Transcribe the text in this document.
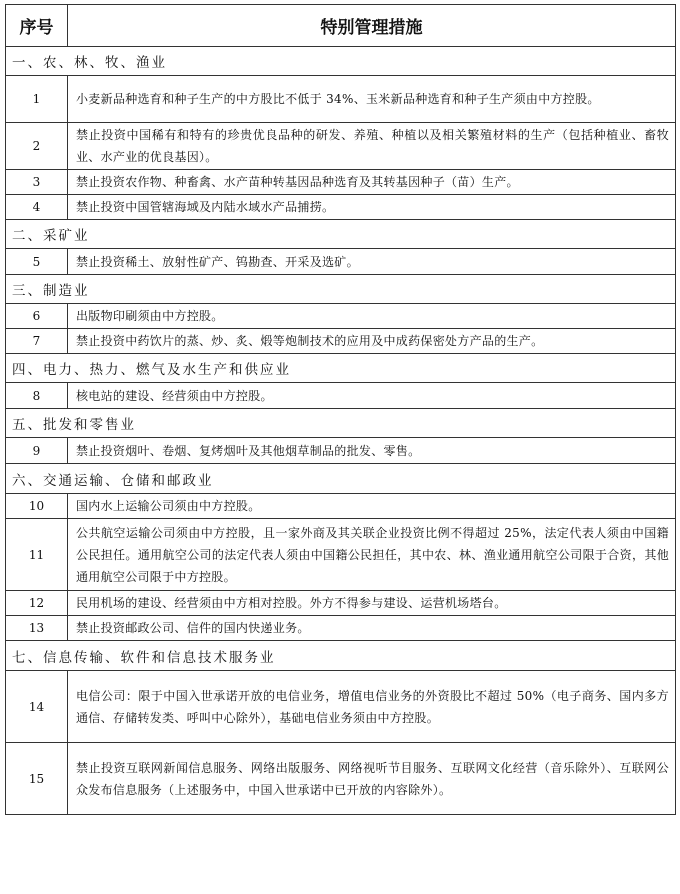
序号	特别管理措施
一、农、林、牧、渔业	
1	小麦新品种选育和种子生产的中方股比不低于 34%、玉米新品种选育和种子生产须由中方控股。
2	禁止投资中国稀有和特有的珍贵优良品种的研发、养殖、种植以及相关繁殖材料的生产（包括种植业、畜牧业、水产业的优良基因）。
3	禁止投资农作物、种畜禽、水产苗种转基因品种选育及其转基因种子（苗）生产。
4	禁止投资中国管辖海域及内陆水域水产品捕捞。
二、采矿业	
5	禁止投资稀土、放射性矿产、钨勘查、开采及选矿。
三、制造业	
6	出版物印刷须由中方控股。
7	禁止投资中药饮片的蒸、炒、炙、煅等炮制技术的应用及中成药保密处方产品的生产。
四、电力、热力、燃气及水生产和供应业	
8	核电站的建设、经营须由中方控股。
五、批发和零售业	
9	禁止投资烟叶、卷烟、复烤烟叶及其他烟草制品的批发、零售。
六、交通运输、仓储和邮政业	
10	国内水上运输公司须由中方控股。
11	公共航空运输公司须由中方控股，且一家外商及其关联企业投资比例不得超过 25%，法定代表人须由中国籍公民担任。通用航空公司的法定代表人须由中国籍公民担任，其中农、林、渔业通用航空公司限于合资，其他通用航空公司限于中方控股。
12	民用机场的建设、经营须由中方相对控股。外方不得参与建设、运营机场塔台。
13	禁止投资邮政公司、信件的国内快递业务。
七、信息传输、软件和信息技术服务业	
14	电信公司：限于中国入世承诺开放的电信业务，增值电信业务的外资股比不超过 50%（电子商务、国内多方通信、存储转发类、呼叫中心除外），基础电信业务须由中方控股。
15	禁止投资互联网新闻信息服务、网络出版服务、网络视听节目服务、互联网文化经营（音乐除外）、互联网公众发布信息服务（上述服务中，中国入世承诺中已开放的内容除外）。
